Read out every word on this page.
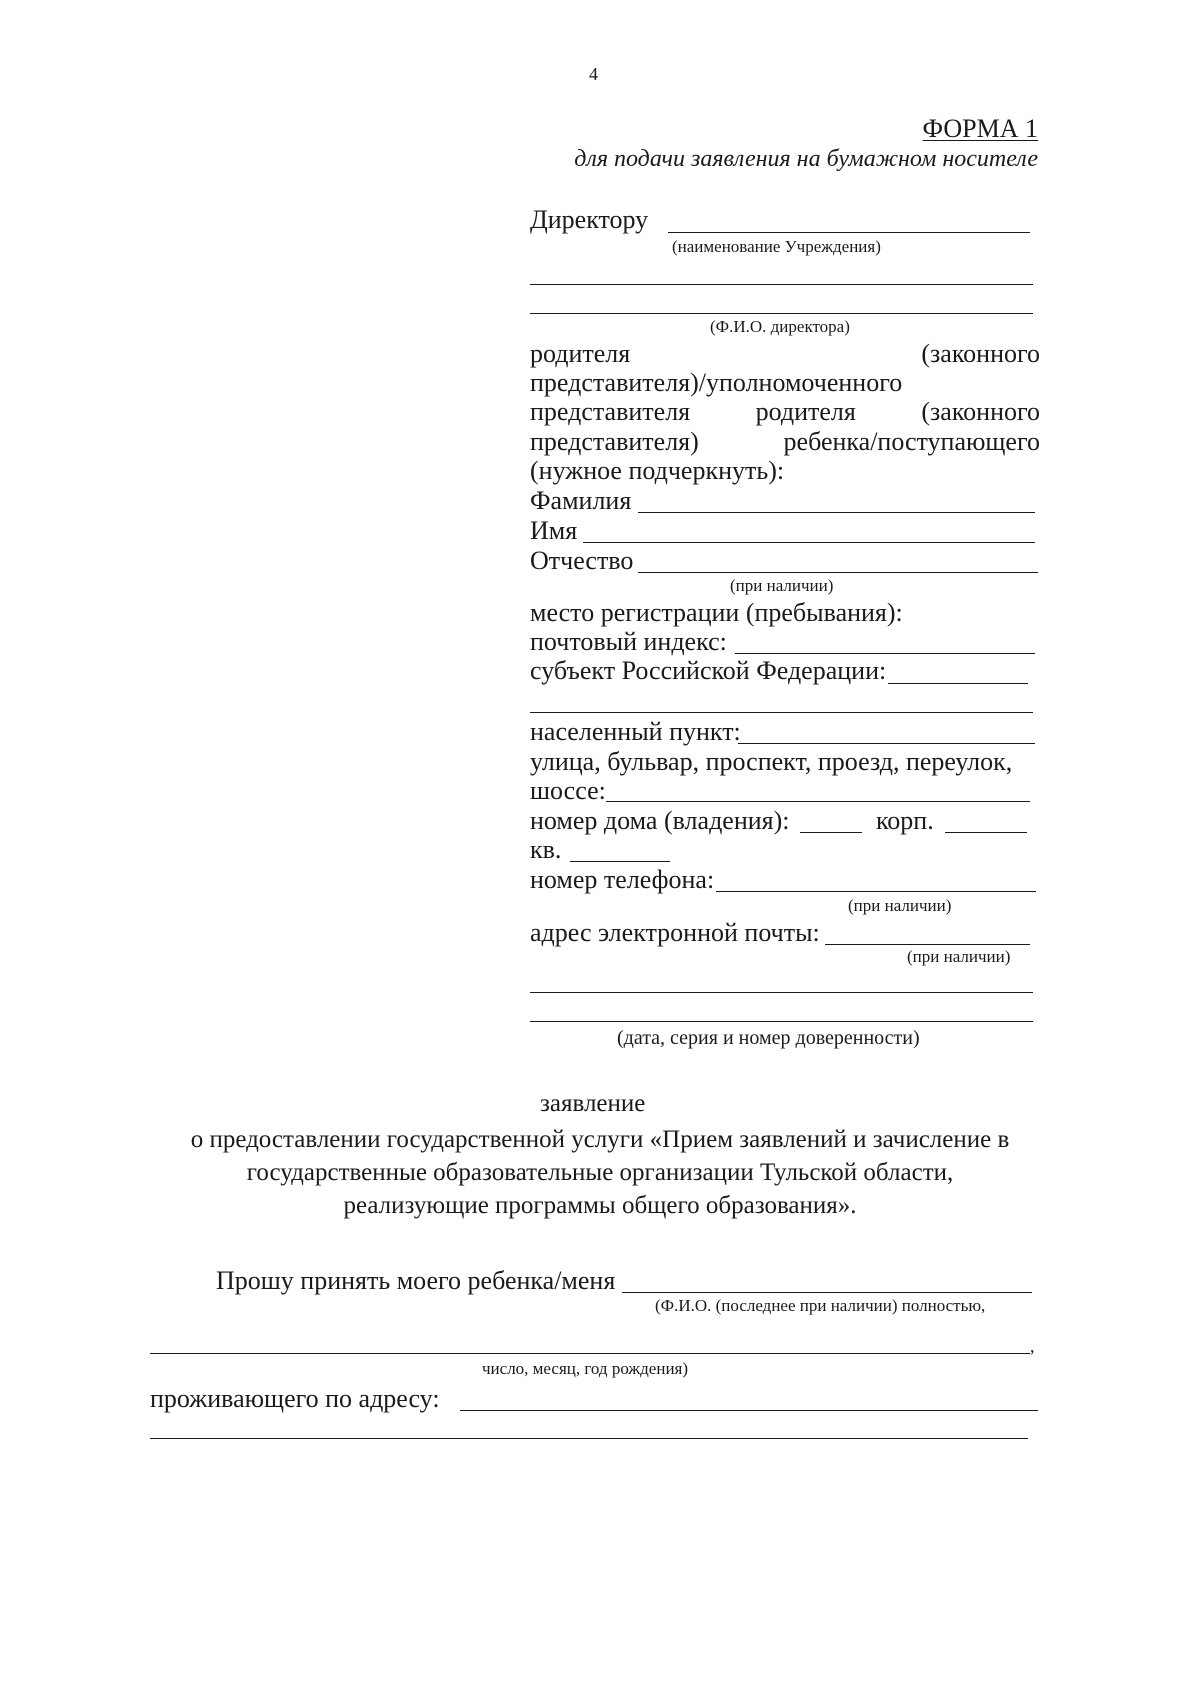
4
ФОРМА 1
для подачи заявления на бумажном носителе
Директору
(наименование Учреждения)
(Ф.И.О. директора)
родителя	(законного
представителя)/уполномоченного
представителя	родителя	(законного
представителя)	ребенка/поступающего
(нужное подчеркнуть):
Фамилия
Имя
Отчество
(при наличии)
место регистрации (пребывания):
почтовый индекс:
субъект Российской Федерации:
населенный пункт:
улица, бульвар, проспект, проезд, переулок,
шоссе:
номер дома (владения):	корп.
кв.
номер телефона:
(при наличии)
адрес электронной почты:
(при наличии)
(дата, серия и номер доверенности)
заявление
о предоставлении государственной услуги «Прием заявлений и зачисление в
государственные образовательные организации Тульской области,
реализующие программы общего образования».
Прошу принять моего ребенка/меня
(Ф.И.О. (последнее при наличии) полностью,
,
число, месяц, год рождения)
проживающего по адресу:
